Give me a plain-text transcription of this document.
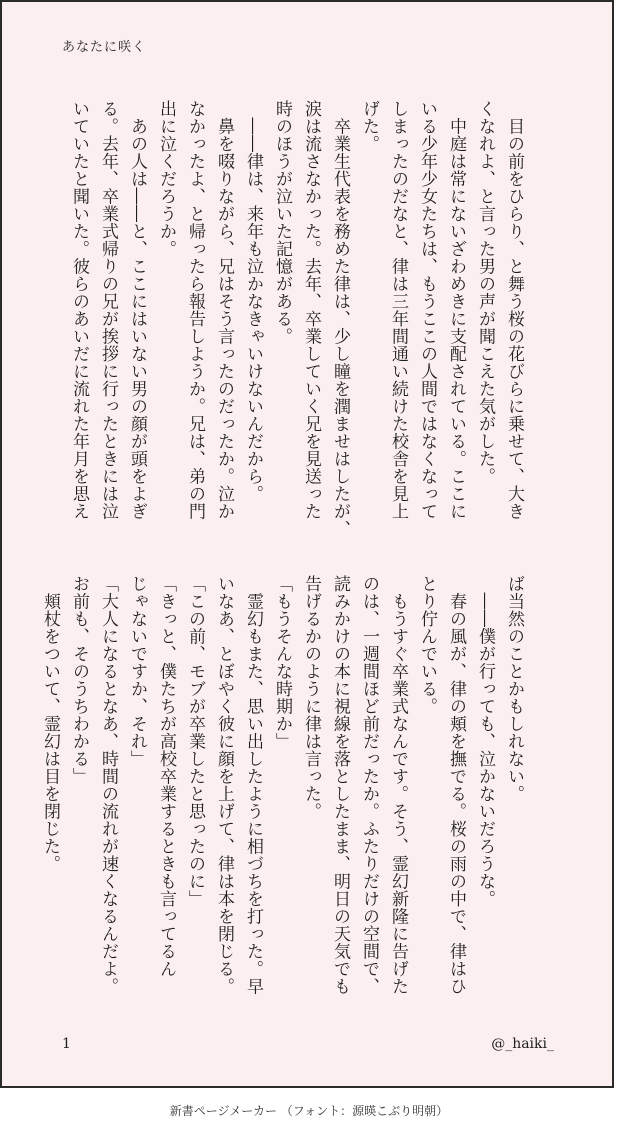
あなたに咲く

　目の前をひらり、と舞う桜の花びらに乗せて、大き

くなれよ、と言った男の声が聞こえた気がした。

　中庭は常にないざわめきに支配されている。ここに

いる少年少女たちは、もうここの人間ではなくなって

しまったのだなと、律は三年間通い続けた校舎を見上

げた。

　卒業生代表を務めた律は、少し瞳を潤ませはしたが、

涙は流さなかった。去年、卒業していく兄を見送った

時のほうが泣いた記憶がある。

　――律は、来年も泣かなきゃいけないんだから。

　鼻を啜りながら、兄はそう言ったのだったか。泣か

なかったよ、と帰ったら報告しようか。兄は、弟の門

出に泣くだろうか。

　あの人は――と、ここにはいない男の顔が頭をよぎ

る。去年、卒業式帰りの兄が挨拶に行ったときには泣

いていたと聞いた。彼らのあいだに流れた年月を思え

ば当然のことかもしれない。

　――僕が行っても、泣かないだろうな。

　春の風が、律の頬を撫でる。桜の雨の中で、律はひ

とり佇んでいる。

　もうすぐ卒業式なんです。そう、霊幻新隆に告げた

のは、一週間ほど前だったか。ふたりだけの空間で、

読みかけの本に視線を落としたまま、明日の天気でも

告げるかのように律は言った。

「もうそんな時期か」

　霊幻もまた、思い出したように相づちを打った。早

いなあ、とぼやく彼に顔を上げて、律は本を閉じる。

「この前、モブが卒業したと思ったのに」

「きっと、僕たちが高校卒業するときも言ってるん

じゃないですか、それ」

「大人になるとなあ、時間の流れが速くなるんだよ。

お前も、そのうちわかる」

　頬杖をついて、霊幻は目を閉じた。

1	@_haiki_
新書ページメーカー （フォント：源暎こぶり明朝）
